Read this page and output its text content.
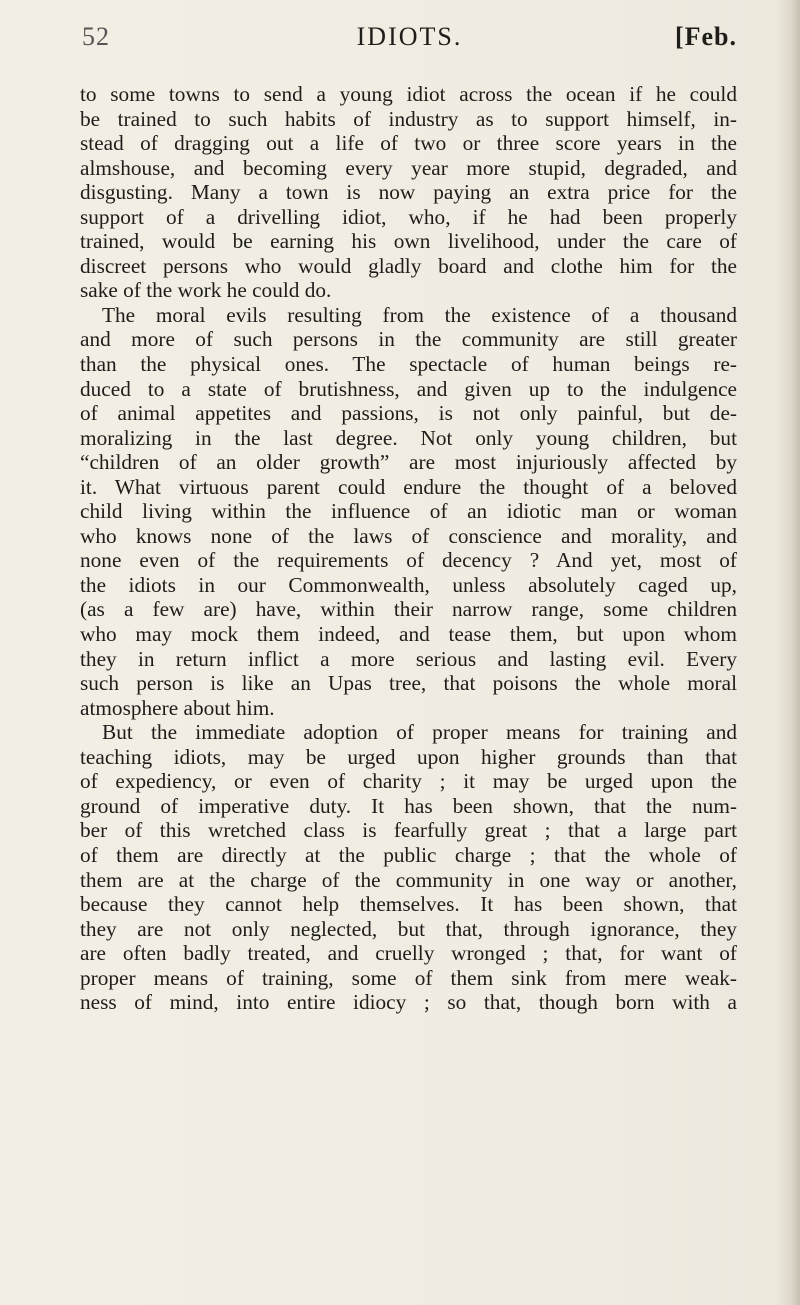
52	IDIOTS.	[Feb.
to some towns to send a young idiot across the ocean if he could
be trained to such habits of industry as to support himself, in-
stead of dragging out a life of two or three score years in the
almshouse, and becoming every year more stupid, degraded, and
disgusting. Many a town is now paying an extra price for the
support of a drivelling idiot, who, if he had been properly
trained, would be earning his own livelihood, under the care of
discreet persons who would gladly board and clothe him for the
sake of the work he could do.
The moral evils resulting from the existence of a thousand
and more of such persons in the community are still greater
than the physical ones. The spectacle of human beings re-
duced to a state of brutishness, and given up to the indulgence
of animal appetites and passions, is not only painful, but de-
moralizing in the last degree. Not only young children, but
“children of an older growth” are most injuriously affected by
it. What virtuous parent could endure the thought of a beloved
child living within the influence of an idiotic man or woman
who knows none of the laws of conscience and morality, and
none even of the requirements of decency ? And yet, most of
the idiots in our Commonwealth, unless absolutely caged up,
(as a few are) have, within their narrow range, some children
who may mock them indeed, and tease them, but upon whom
they in return inflict a more serious and lasting evil. Every
such person is like an Upas tree, that poisons the whole moral
atmosphere about him.
But the immediate adoption of proper means for training and
teaching idiots, may be urged upon higher grounds than that
of expediency, or even of charity ; it may be urged upon the
ground of imperative duty. It has been shown, that the num-
ber of this wretched class is fearfully great ; that a large part
of them are directly at the public charge ; that the whole of
them are at the charge of the community in one way or another,
because they cannot help themselves. It has been shown, that
they are not only neglected, but that, through ignorance, they
are often badly treated, and cruelly wronged ; that, for want of
proper means of training, some of them sink from mere weak-
ness of mind, into entire idiocy ; so that, though born with a
